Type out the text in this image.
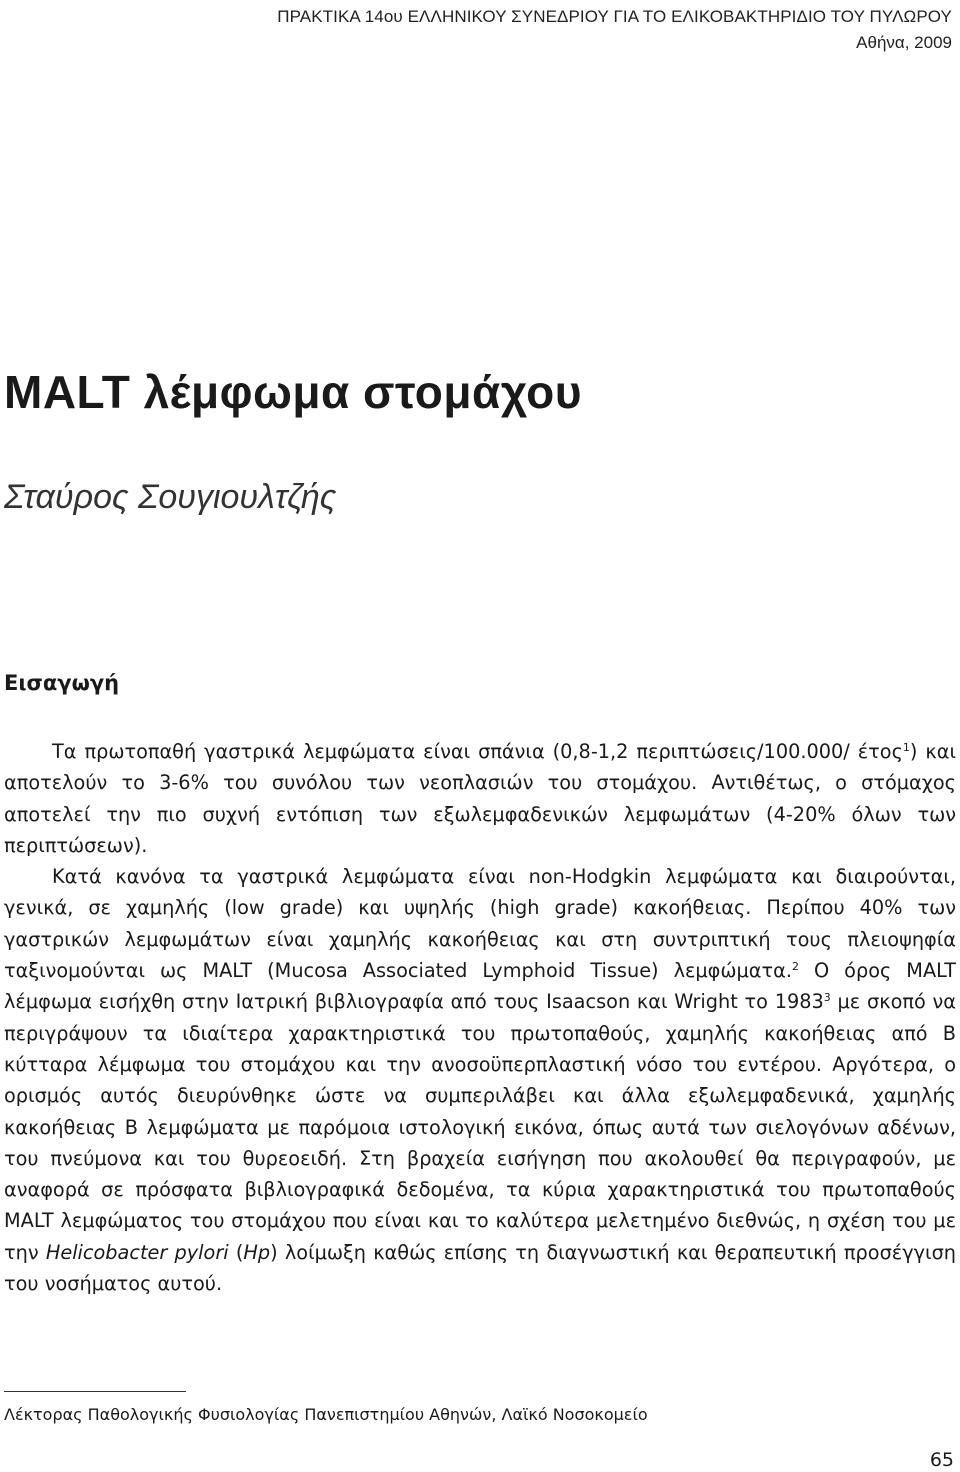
ΠΡΑΚΤΙΚΑ 14ου ΕΛΛΗΝΙΚΟΥ ΣΥΝΕΔΡΙΟΥ ΓΙΑ ΤΟ ΕΛΙΚΟΒΑΚΤΗΡΙΔΙΟ ΤΟΥ ΠΥΛΩΡΟΥ
Αθήνα, 2009
MALT λέμφωμα στομάχου
Σταύρος Σουγιουλτζής
Εισαγωγή

Τα πρωτοπαθή γαστρικά λεμφώματα είναι σπάνια (0,8-1,2 περιπτώσεις/100.000/ έτος$^1$) και αποτελούν το 3-6% του συνόλου των νεοπλασιών του στομάχου. Αντιθέτως, ο στόμαχος αποτελεί την πιο συχνή εντόπιση των εξωλεμφαδενικών λεμφωμάτων (4-20% όλων των περιπτώσεων).

Κατά κανόνα τα γαστρικά λεμφώματα είναι non-Hodgkin λεμφώματα και διαιρούνται, γενικά, σε χαμηλής (low grade) και υψηλής (high grade) κακοήθειας. Περίπου 40% των γαστρικών λεμφωμάτων είναι χαμηλής κακοήθειας και στη συντριπτική τους πλειοψηφία ταξινομούνται ως MALT (Mucosa Associated Lymphoid Tissue) λεμφώματα.$^2$ Ο όρος MALT λέμφωμα εισήχθη στην Ιατρική βιβλιογραφία από τους Isaacson και Wright το 1983$^3$ με σκοπό να περιγράψουν τα ιδιαίτερα χαρακτηριστικά του πρωτοπαθούς, χαμηλής κακοήθειας από Β κύτταρα λέμφωμα του στομάχου και την ανοσοϋπερπλαστική νόσο του εντέρου. Αργότερα, ο ορισμός αυτός διευρύνθηκε ώστε να συμπεριλάβει και άλλα εξωλεμφαδενικά, χαμηλής κακοήθειας Β λεμφώματα με παρόμοια ιστολογική εικόνα, όπως αυτά των σιελογόνων αδένων, του πνεύμονα και του θυρεοειδή. Στη βραχεία εισήγηση που ακολουθεί θα περιγραφούν, με αναφορά σε πρόσφατα βιβλιογραφικά δεδομένα, τα κύρια χαρακτηριστικά του πρωτοπαθούς MALT λεμφώματος του στομάχου που είναι και το καλύτερα μελετημένο διεθνώς, η σχέση του με την Helicobacter pylori (Hp) λοίμωξη καθώς επίσης τη διαγνωστική και θεραπευτική προσέγγιση του νοσήματος αυτού.

Λέκτορας Παθολογικής Φυσιολογίας Πανεπιστημίου Αθηνών, Λαϊκό Νοσοκομείο
65
